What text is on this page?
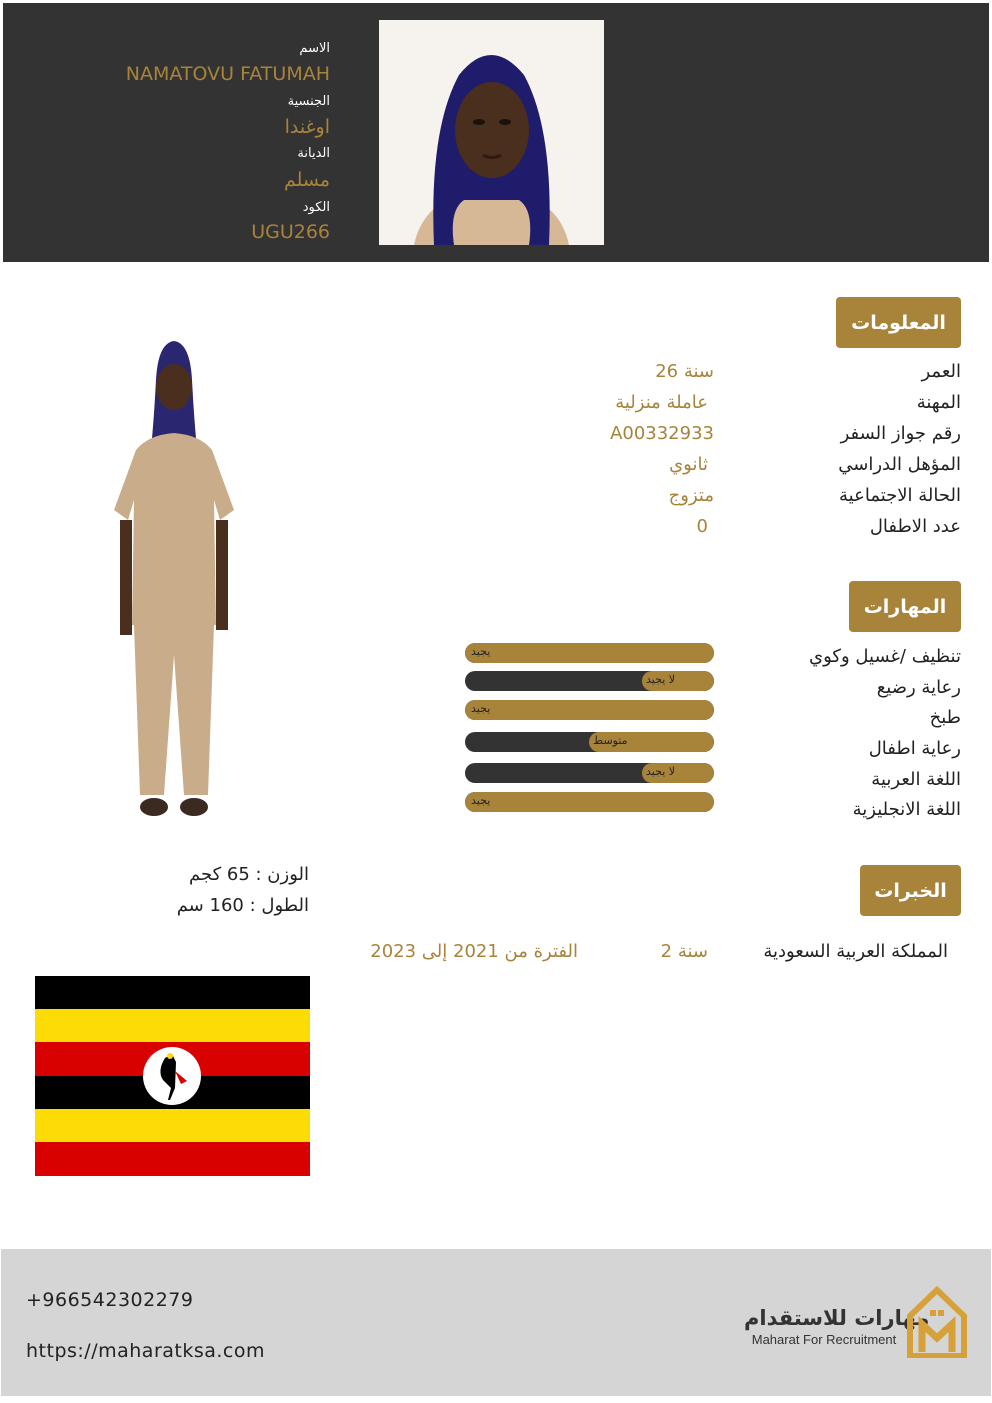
الاسم
NAMATOVU FATUMAH
الجنسية
اوغندا
الديانة
مسلم
الكود
UGU266
المعلومات
العمر
26 سنة
المهنة
عاملة منزلية
رقم جواز السفر
A00332933
المؤهل الدراسي
ثانوي
الحالة الاجتماعية
متزوج
عدد الاطفال
0
المهارات
تنظيف /غسيل وكوي
رعاية رضيع
طبخ
رعاية اطفال
اللغة العربية
اللغة الانجليزية
يجيد
لا يجيد
يجيد
متوسط
لا يجيد
يجيد
الوزن : 65 كجم
الطول : 160 سم
الخبرات
المملكة العربية السعودية
2 سنة
الفترة من 2021 إلى 2023
+966542302279
https://maharatksa.com
مهارات للاستقدام
Maharat For Recruitment
